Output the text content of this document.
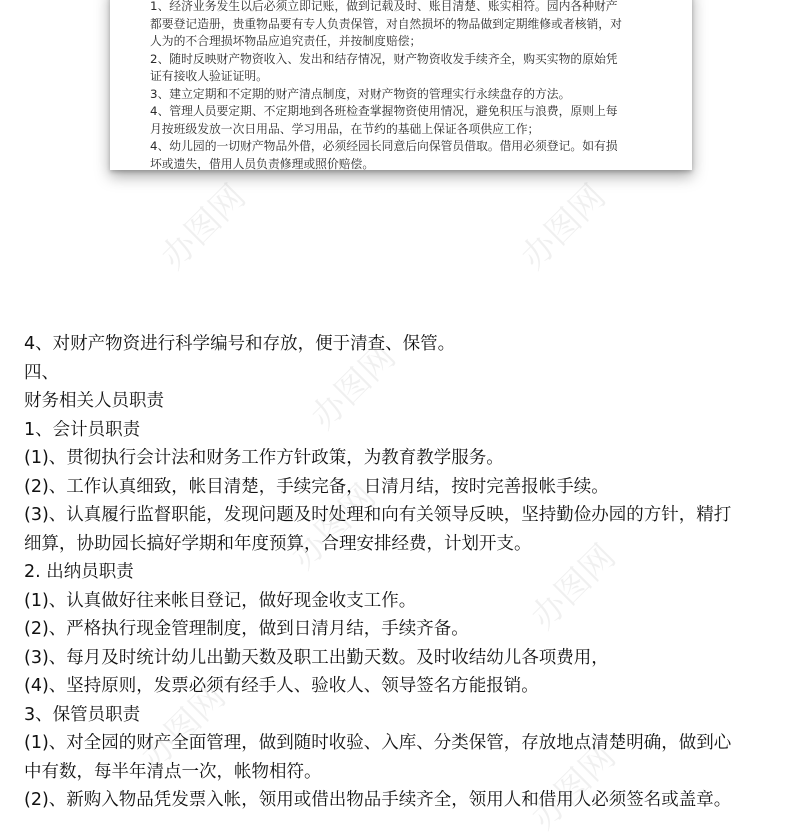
1、经济业务发生以后必须立即记账，做到记载及时、账目清楚、账实相符。园内各种财产
都要登记造册，贵重物品要有专人负责保管，对自然损坏的物品做到定期维修或者核销，对
人为的不合理损坏物品应追究责任，并按制度赔偿；
2、随时反映财产物资收入、发出和结存情况，财产物资收发手续齐全，购买实物的原始凭
证有接收人验证证明。
3、建立定期和不定期的财产清点制度，对财产物资的管理实行永续盘存的方法。
4、管理人员要定期、不定期地到各班检查掌握物资使用情况，避免积压与浪费，原则上每
月按班级发放一次日用品、学习用品，在节约的基础上保证各项供应工作；
4、幼儿园的一切财产物品外借，必须经园长同意后向保管员借取。借用必须登记。如有损
坏或遗失，借用人员负责修理或照价赔偿。
办图网	办图网
办图网
办图网
办图网
办图网
办图网
4、对财产物资进行科学编号和存放，便于清查、保管。
四、
财务相关人员职责
1、会计员职责
(1)、贯彻执行会计法和财务工作方针政策，为教育教学服务。
(2)、工作认真细致，帐目清楚，手续完备，日清月结，按时完善报帐手续。
(3)、认真履行监督职能，发现问题及时处理和向有关领导反映，坚持勤俭办园的方针，精打
细算，协助园长搞好学期和年度预算，合理安排经费，计划开支。
2. 出纳员职责
(1)、认真做好往来帐目登记，做好现金收支工作。
(2)、严格执行现金管理制度，做到日清月结，手续齐备。
(3)、每月及时统计幼儿出勤天数及职工出勤天数。及时收结幼儿各项费用，
(4)、坚持原则，发票必须有经手人、验收人、领导签名方能报销。
3、保管员职责
(1)、对全园的财产全面管理，做到随时收验、入库、分类保管，存放地点清楚明确，做到心
中有数，每半年清点一次，帐物相符。
(2)、新购入物品凭发票入帐，领用或借出物品手续齐全，领用人和借用人必须签名或盖章。
